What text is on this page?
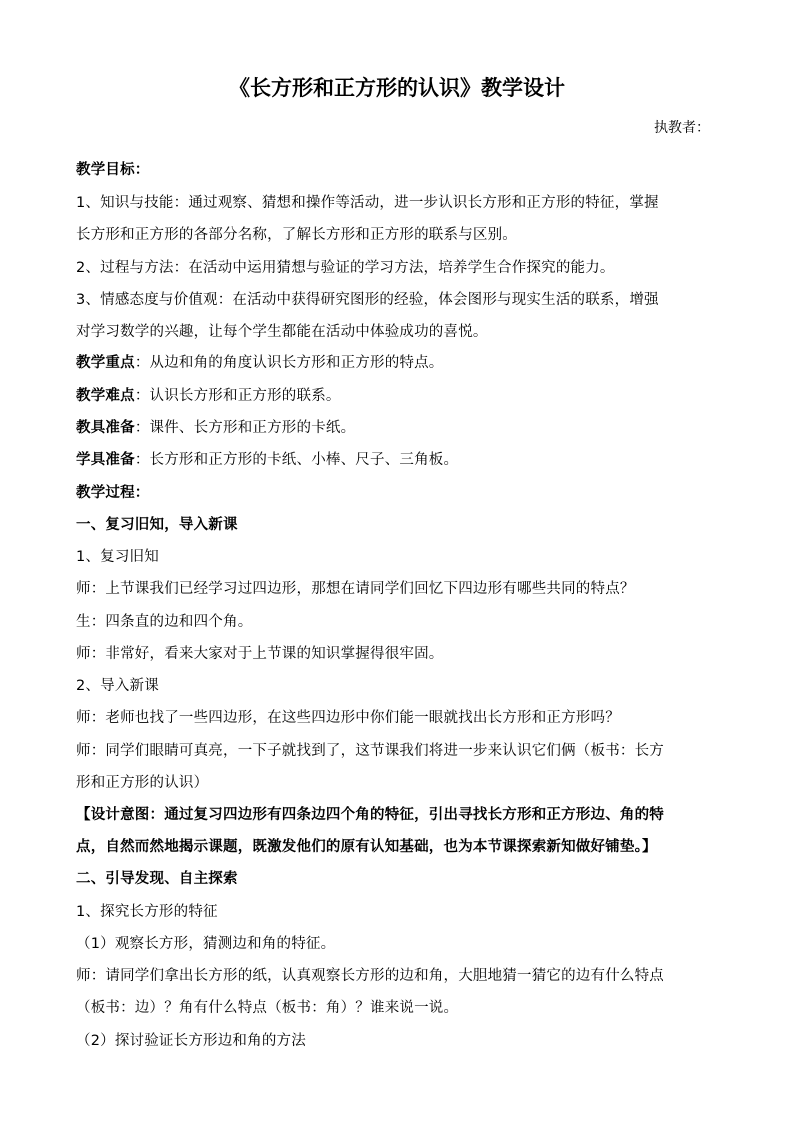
《长方形和正方形的认识》教学设计
执教者：
教学目标：
1、知识与技能：通过观察、猜想和操作等活动，进一步认识长方形和正方形的特征，掌握
长方形和正方形的各部分名称，了解长方形和正方形的联系与区别。
2、过程与方法：在活动中运用猜想与验证的学习方法，培养学生合作探究的能力。
3、情感态度与价值观：在活动中获得研究图形的经验，体会图形与现实生活的联系，增强
对学习数学的兴趣，让每个学生都能在活动中体验成功的喜悦。
教学重点：从边和角的角度认识长方形和正方形的特点。
教学难点：认识长方形和正方形的联系。
教具准备：课件、长方形和正方形的卡纸。
学具准备：长方形和正方形的卡纸、小棒、尺子、三角板。
教学过程：
一、复习旧知，导入新课
1、复习旧知
师：上节课我们已经学习过四边形，那想在请同学们回忆下四边形有哪些共同的特点？
生：四条直的边和四个角。
师：非常好，看来大家对于上节课的知识掌握得很牢固。
2、导入新课
师：老师也找了一些四边形，在这些四边形中你们能一眼就找出长方形和正方形吗？
师：同学们眼睛可真亮，一下子就找到了，这节课我们将进一步来认识它们俩（板书：长方
形和正方形的认识）
【设计意图：通过复习四边形有四条边四个角的特征，引出寻找长方形和正方形边、角的特
点，自然而然地揭示课题，既激发他们的原有认知基础，也为本节课探索新知做好铺垫。】
二、引导发现、自主探索
1、探究长方形的特征
（1）观察长方形，猜测边和角的特征。
师：请同学们拿出长方形的纸，认真观察长方形的边和角，大胆地猜一猜它的边有什么特点
（板书：边）？角有什么特点（板书：角）？谁来说一说。
（2）探讨验证长方形边和角的方法
